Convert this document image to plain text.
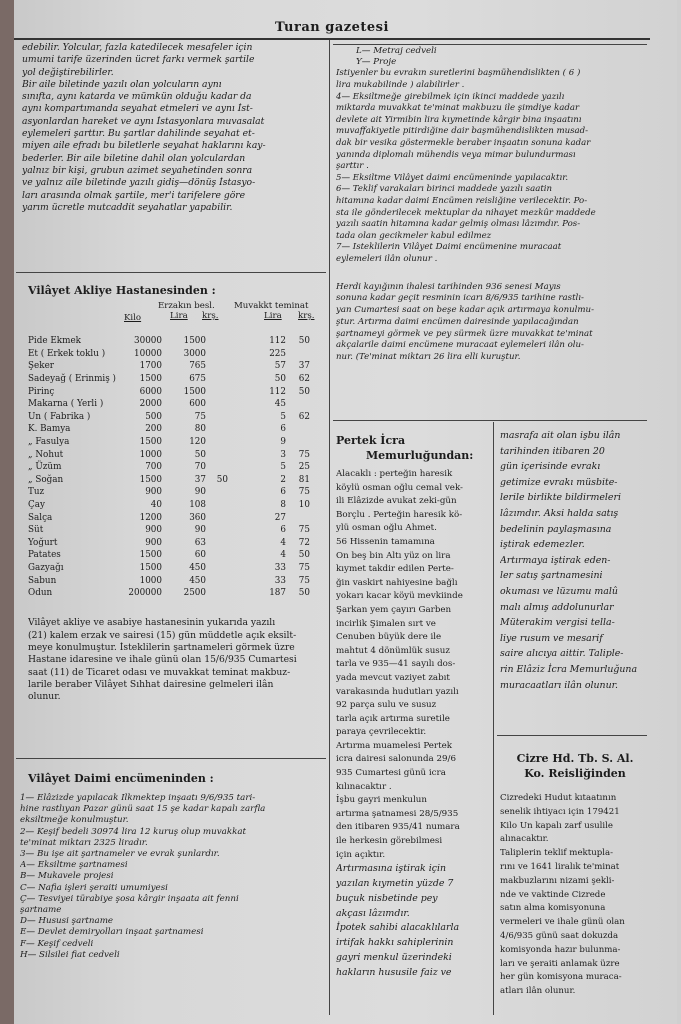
Turan gazetesi
edebilir. Yolcular, fazla katedilecek mesafeler için
umumi tarife üzerinden ücret farkı vermek şartile
yol değiştirebilirler.
Bir aile biletinde yazılı olan yolcuların aynı
sınıfta, aynı katarda ve mümkün olduğu kadar da
aynı kompartımanda seyahat etmeleri ve aynı İst-
asyonlardan hareket ve aynı İstasyonlara muvasalat
eylemeleri şarttır. Bu şartlar dahilinde seyahat et-
miyen aile efradı bu biletlerle seyahat haklarını kay-
bederler. Bir aile biletine dahil olan yolculardan
yalnız bir kişi, grubun azimet seyahetinden sonra
ve yalnız aile biletinde yazılı gidiş—dönüş İstasyo-
ları arasında olmak şartile, mer'i tarifelere göre
yarım ücretle mutcaddit seyahatlar yapabilir.
Vilâyet Akliye Hastanesinden :
Erzakın besl. Muvakkt teminat
Kilo	Lira krş.	Lira krş.
Pide Ekmek	30000	1500		112	50
Et ( Erkek toklu )	10000	3000		225	
Şeker	1700	765		57	37
Sadeyağ ( Erinmiş )	1500	675		50	62
Pirinç	6000	1500		112	50
Makarna ( Yerli )	2000	600		45	
Un ( Fabrika )	500	75		5	62
K. Bamya	200	80		6	
„ Fasulya	1500	120		9	
„ Nohut	1000	50		3	75
„ Üzüm	700	70		5	25
„ Soğan	1500	37	50	2	81
Tuz	900	90		6	75
Çay	40	108		8	10
Salça	1200	360		27	
Süt	900	90		6	75
Yoğurt	900	63		4	72
Patates	1500	60		4	50
Gazyağı	1500	450		33	75
Sabun	1000	450		33	75
Odun	200000	2500		187	50
Vilâyet akliye ve asabiye hastanesinin yukarıda yazılı
(21) kalem erzak ve sairesi (15) gün müddetle açık eksilt-
meye konulmuştur. İsteklilerin şartnameleri görmek üzre
Hastane idaresine ve ihale günü olan 15/6/935 Cumartesi
saat (11) de Ticaret odası ve muvakkat teminat makbuz-
larile beraber Vilâyet Sıhhat dairesine gelmeleri ilân
olunur.
Vilâyet Daimi encümeninden :
1— Elâzizde yapılacak İlkmektep inşaatı 9/6/935 tari-
hine rastlıyan Pazar günü saat 15 şe kadar kapalı zarfla
eksiltmeğe konulmuştur.
2— Keşif bedeli 30974 lira 12 kuruş olup muvakkat
te'minat miktarı 2325 liradır.
3— Bu işe ait şartnameler ve evrak şunlardır.
A— Eksiltme şartnamesi
B— Mukavele projesi
C— Nafia işleri şeraiti umumiyesi
Ç— Tesviyei türabiye şosa kârgir inşaata ait fenni
şartname
D— Hususi şartname
E— Devlet demiryolları inşaat şartnamesi
F— Keşif cedveli
H— Silsilei fiat cedveli
L— Metraj cedveli
Y— Proje
İstiyenler bu evrakın suretlerini başmühendislikten ( 6 )
lira mukabilinde ) alabilirler .
4— Eksiltmeğe girebilmek için ikinci maddede yazılı
miktarda muvakkat te'minat makbuzu ile şimdiye kadar
devlete ait Yirmibin lira kıymetinde kârgir bina inşaatını
muvaffakiyetle pitirdiğine dair başmühendislikten musad-
dak bir vesika göstermekle beraber inşaatın sonuna kadar
yanında diplomalı mühendis veya mimar bulundurması
şarttır .
5— Eksiltme Vilâyet daimi encümeninde yapılacaktır.
6— Teklif varakaları birinci maddede yazılı saatin
hitamına kadar daimi Encümen reisliğine verilecektir. Po-
sta ile gönderilecek mektuplar da nihayet mezkûr maddede
yazılı saatin hitamına kadar gelmiş olması lâzımdır. Pos-
tada olan gecikmeler kabul edilmez
7— İsteklilerin Vilâyet Daimi encümenine muracaat
eylemeleri ilân olunur .
Herdi kayığının ihalesi tarihinden 936 senesi Mayıs
sonuna kadar geçit resminin icarı 8/6/935 tarihine rastlı-
yan Cumartesi saat on beşe kadar açık artırmaya konulmu-
ştur. Artırma daimi encümen dairesinde yapılacağından
şartnameyi görmek ve pey sürmek üzre muvakkat te'minat
akçalarile daimi encümene muracaat eylemeleri ilân olu-
nur. (Te'minat miktarı 26 lira elli kuruştur.
Pertek İcra
Memurluğundan:
Alacaklı : perteğin haresik
köylü osman oğlu cemal vek-
ili Elâzizde avukat zeki-gün
Borçlu . Perteğin haresik kö-
ylü osman oğlu Ahmet.
56 Hissenin tamamına
On beş bin Altı yüz on lira
kıymet takdir edilen Perte-
ğin vaskirt nahiyesine bağlı
yokarı kacar köyü mevkiinde
Şarkan yem çayırı Garben
incirlik Şimalen sırt ve
Cenuben büyük dere ile
mahtut 4 dönümlük susuz
tarla ve 935—41 sayılı dos-
yada mevcut vaziyet zabıt
varakasında hudutları yazılı
92 parça sulu ve susuz
tarla açık artırma suretile
paraya çevrilecektir.
Artırma muamelesi Pertek
icra dairesi salonunda 29/6
935 Cumartesi günü icra
kılınacaktır .
İşbu gayri menkulun
artırma şatnamesi 28/5/935
den itibaren 935/41 numara
ile herkesin görebilmesi
için açıktır.
Artırmasına iştirak için
yazılan kıymetin yüzde 7
buçuk nisbetinde pey
akçası lâzımdır.
İpotek sahibi alacaklılarla
irtifak hakkı sahiplerinin
gayri menkul üzerindeki
hakların hususile faiz ve
masrafa ait olan işbu ilân
tarihinden itibaren 20
gün içerisinde evrakı
getimize evrakı müsbite-
lerile birlikte bildirmeleri
lâzımdır. Aksi halda satış
bedelinin paylaşmasına
iştirak edemezler.
Artırmaya iştirak eden-
ler satış şartnamesini
okuması ve lüzumu malû
malı almış addolunurlar
Müterakim vergisi tella-
liye rusum ve mesarif
saire alıcıya aittir. Taliple-
rin Elâziz İcra Memurluğuna
muracaatları ilân olunur.
Cizre Hd. Tb. S. Al.
Ko. Reisliğinden
Cizredeki Hudut kıtaatının
senelik ihtiyacı için 179421
Kilo Un kapalı zarf usulile
alınacaktır.
Taliplerin teklif mektupla-
rını ve 1641 liralık te'minat
makbuzlarını nizami şekli-
nde ve vaktinde Cizrede
satın alma komisyonuna
vermeleri ve ihale günü olan
4/6/935 günü saat dokuzda
komisyonda hazır bulunma-
ları ve şeraiti anlamak üzre
her gün komisyona muraca-
atları ilân olunur.
